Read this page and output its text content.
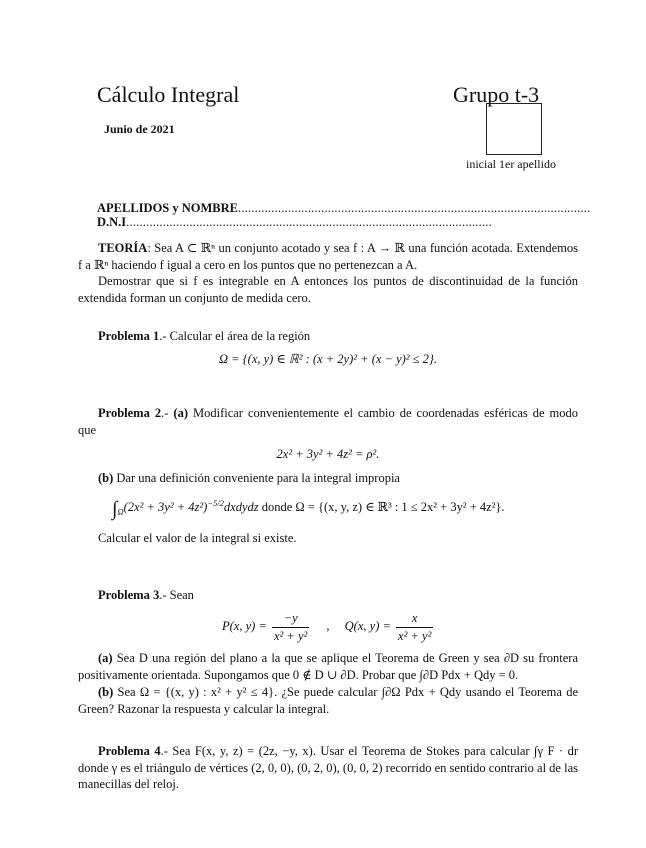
Cálculo Integral	Grupo t-3
Junio de 2021
inicial 1er apellido
APELLIDOS y NOMBRE..........................................................................................................
D.N.I..............................................................................................................
TEORÍA: Sea A ⊂ ℝⁿ un conjunto acotado y sea f : A → ℝ una función acotada. Extendemos f a ℝⁿ haciendo f igual a cero en los puntos que no pertenezcan a A.
Demostrar que si f es integrable en A entonces los puntos de discontinuidad de la función extendida forman un conjunto de medida cero.
Problema 1.- Calcular el área de la región
Ω = {(x, y) ∈ ℝ² : (x + 2y)² + (x − y)² ≤ 2}.
Problema 2.- (a) Modificar convenientemente el cambio de coordenadas esféricas de modo que
2x² + 3y² + 4z² = ρ².
(b) Dar una definición conveniente para la integral impropia
$\int_\Omega(2x^2 + 3y^2$ + $4z^2)^{-5/2}dxdydz$ donde Ω = {(x, y, z) ∈ ℝ³ : 1 ≤ 2x² + 3y² + 4z²}.
Calcular el valor de la integral si existe.
Problema 3.- Sean
P(x, $y) = \frac{-y}{\text{x² + y²}}$ , Q(x, $y) = \frac{x}{\text{x² + y²}}$
(a) Sea D una región del plano a la que se aplique el Teorema de Green y sea ∂D su frontera positivamente orientada. Supongamos que 0 ∉ D ∪ ∂D. Probar que ∫∂D Pdx + Qdy = 0.
(b) Sea Ω = {(x, y) : x² + y² ≤ 4}. ¿Se puede calcular ∫∂Ω Pdx + Qdy usando el Teorema de Green? Razonar la respuesta y calcular la integral.
Problema 4.- Sea F(x, y, z) = (2z, −y, x). Usar el Teorema de Stokes para calcular ∫γ F · dr donde γ es el triángulo de vértices (2, 0, 0), (0, 2, 0), (0, 0, 2) recorrido en sentido contrario al de las manecillas del reloj.
